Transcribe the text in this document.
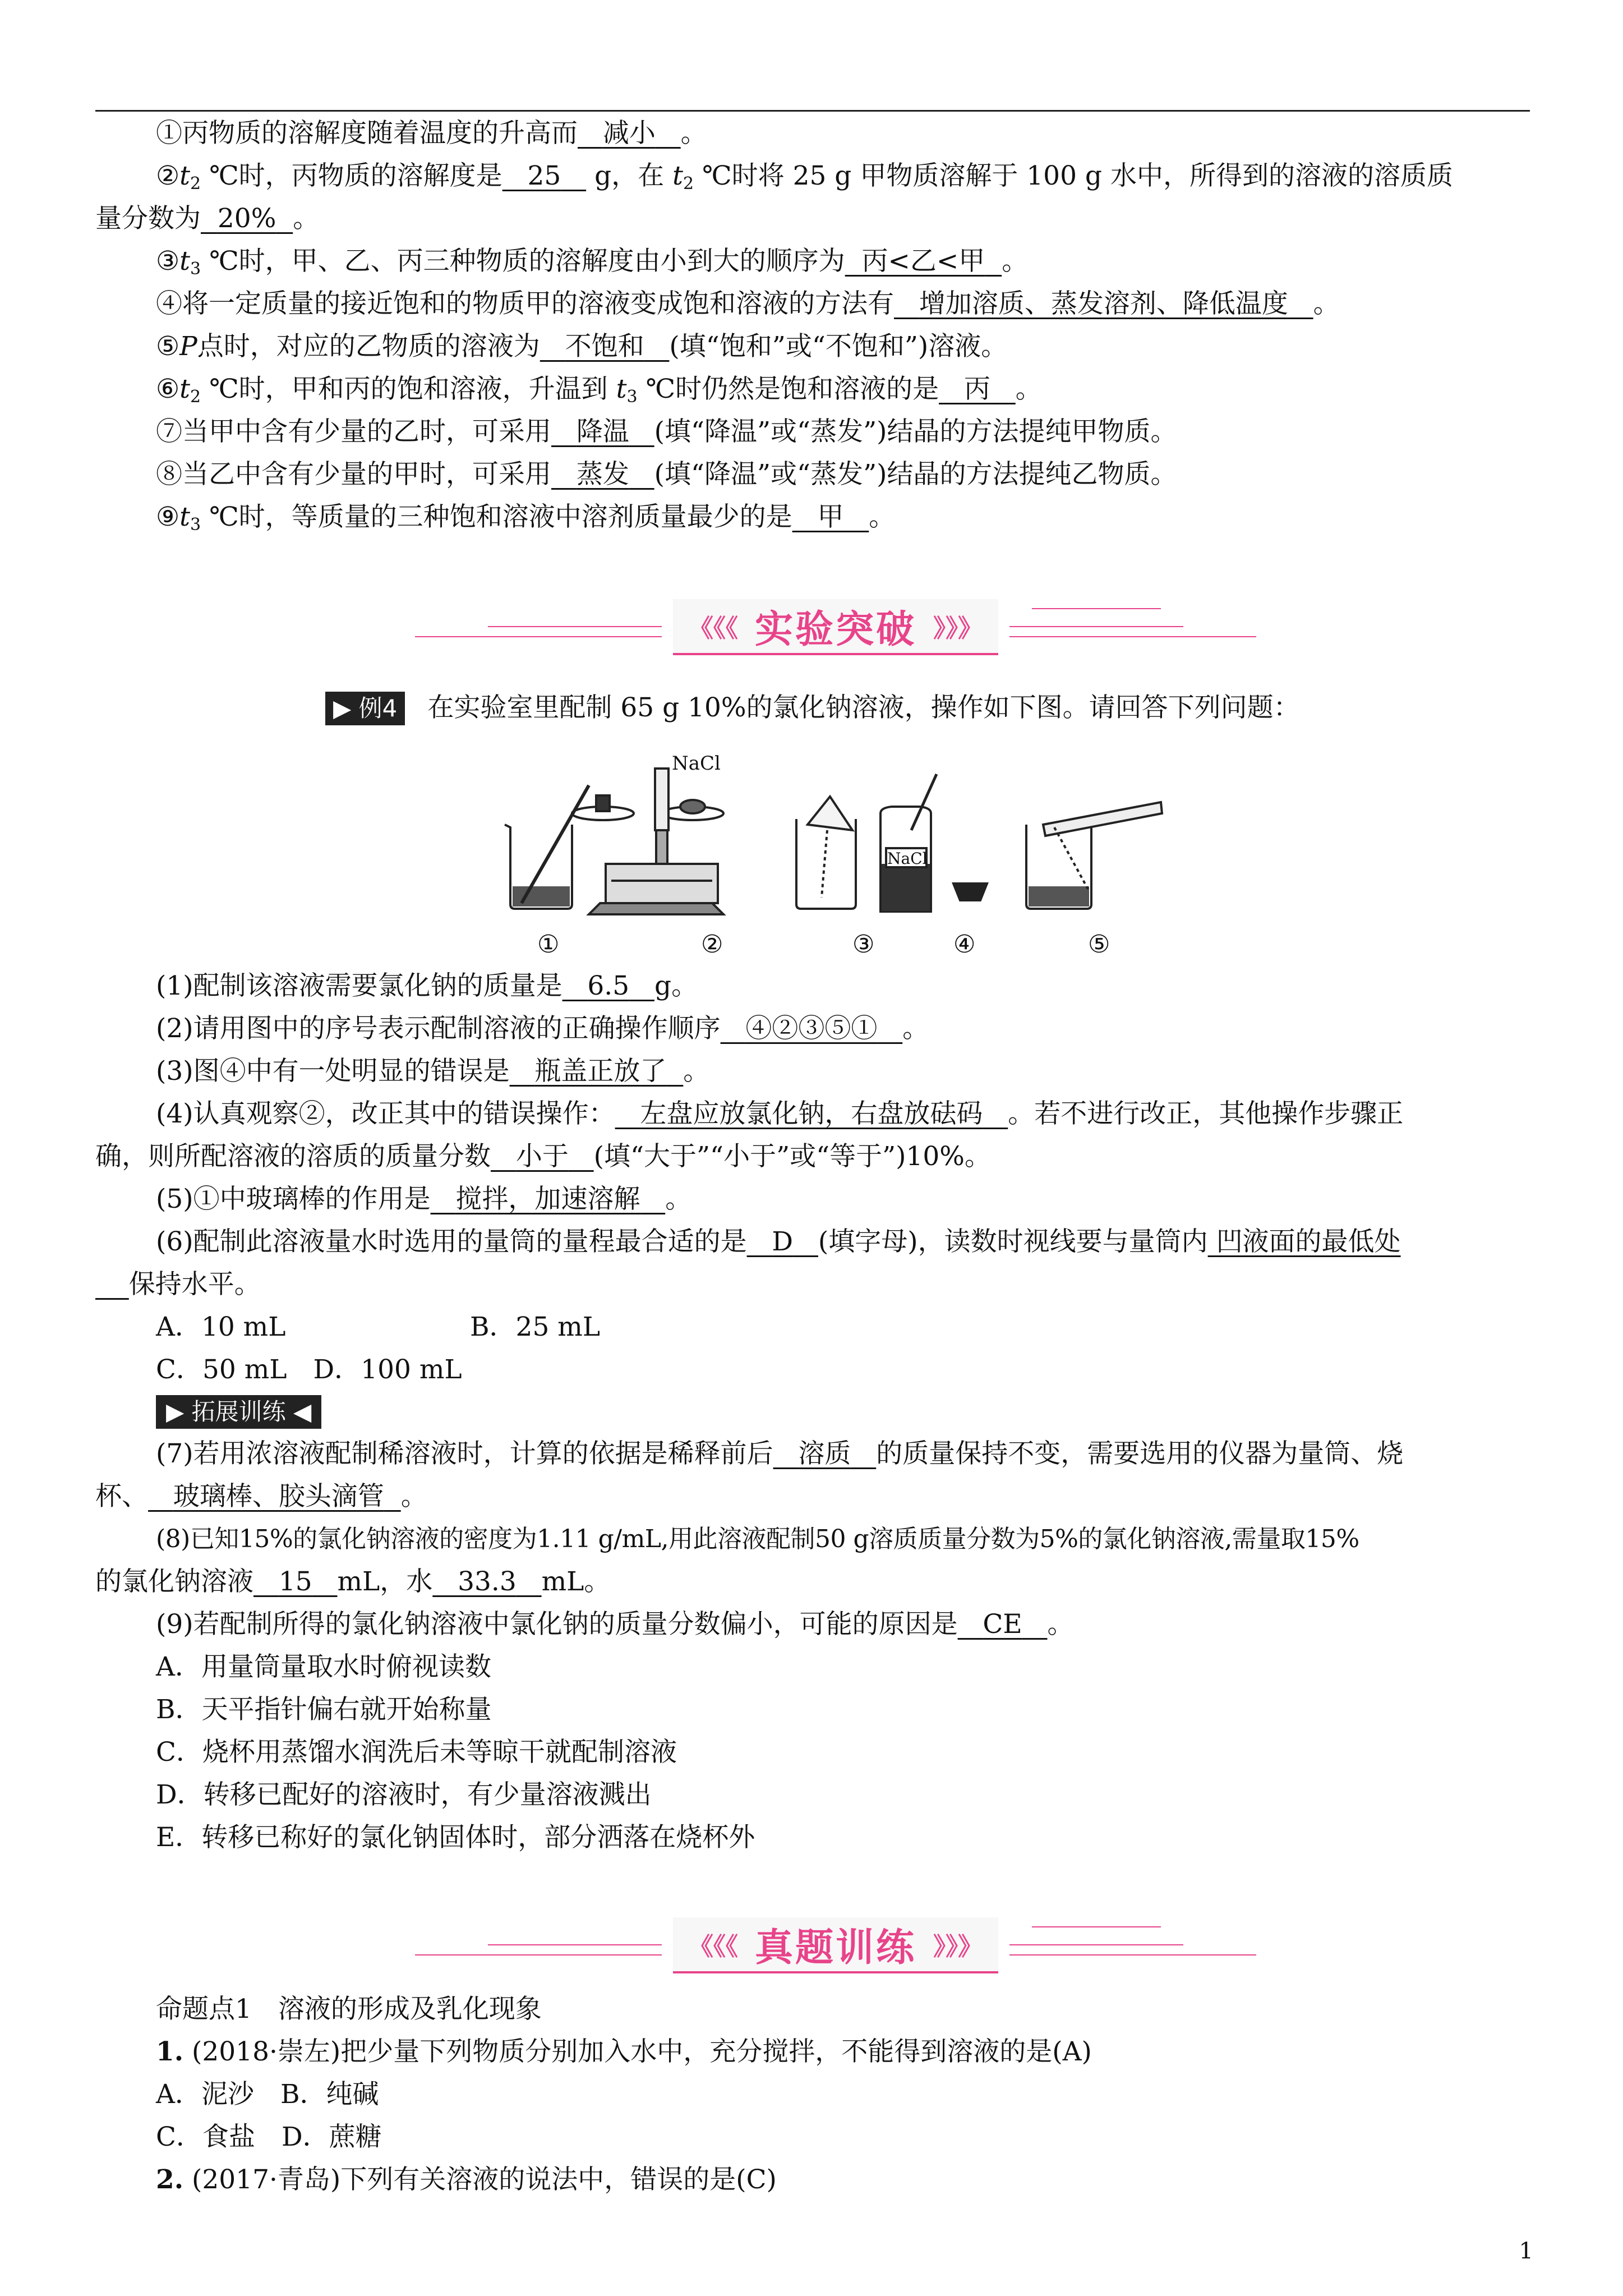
①丙物质的溶解度随着温度的升高而 减小 。
$②t_2$ ℃时，丙物质的溶解度是 25 g，在 $t_2$ ℃时将 25 g 甲物质溶解于 100 g 水中，所得到的溶液的溶质质
量分数为 20% 。
$③t_3$ ℃时，甲、乙、丙三种物质的溶解度由小到大的顺序为 丙<乙<甲 。
④将一定质量的接近饱和的物质甲的溶液变成饱和溶液的方法有 增加溶质、蒸发溶剂、降低温度 。
⑤P点时，对应的乙物质的溶液为 不饱和 (填“饱和”或“不饱和”)溶液。
$⑥t_2$ ℃时，甲和丙的饱和溶液，升温到 $t_3$ ℃时仍然是饱和溶液的是 丙 。
⑦当甲中含有少量的乙时，可采用 降温 (填“降温”或“蒸发”)结晶的方法提纯甲物质。
⑧当乙中含有少量的甲时，可采用 蒸发 (填“降温”或“蒸发”)结晶的方法提纯乙物质。
$⑨t_3$ ℃时，等质量的三种饱和溶液中溶剂质量最少的是 甲 。
《《《 实验突破 》》》
▶ 例4 在实验室里配制 65 g 10%的氯化钠溶液，操作如下图。请回答下列问题：
NaCl
NaCl
①	②	③	④	⑤
(1)配制该溶液需要氯化钠的质量是 6.5 g。
(2)请用图中的序号表示配制溶液的正确操作顺序 ④②③⑤① 。
(3)图④中有一处明显的错误是 瓶盖正放了 。
(4)认真观察②，改正其中的错误操作： 左盘应放氯化钠，右盘放砝码 。若不进行改正，其他操作步骤正
确，则所配溶液的溶质的质量分数 小于 (填“大于”“小于”或“等于”)10%。
(5)①中玻璃棒的作用是 搅拌，加速溶解 。
(6)配制此溶液量水时选用的量筒的量程最合适的是 D (填字母)，读数时视线要与量筒内 凹液面的最低处
保持水平。
A．10 mL	B．25 mL
C．50 mL　D．100 mL
▶ 拓展训练 ◀
(7)若用浓溶液配制稀溶液时，计算的依据是稀释前后 溶质 的质量保持不变，需要选用的仪器为量筒、烧
杯、 玻璃棒、胶头滴管 。
(8)已知15%的氯化钠溶液的密度为1.11 g/mL,用此溶液配制50 g溶质质量分数为5%的氯化钠溶液,需量取15%
的氯化钠溶液 15 mL，水 33.3 mL。
(9)若配制所得的氯化钠溶液中氯化钠的质量分数偏小，可能的原因是 CE 。
A．用量筒量取水时俯视读数
B．天平指针偏右就开始称量
C．烧杯用蒸馏水润洗后未等晾干就配制溶液
D．转移已配好的溶液时，有少量溶液溅出
E．转移已称好的氯化钠固体时，部分洒落在烧杯外
《《《 真题训练 》》》
命题点1　溶液的形成及乳化现象
1. (2018·崇左)把少量下列物质分别加入水中，充分搅拌，不能得到溶液的是(A)
A．泥沙　B．纯碱
C．食盐　D．蔗糖
2. (2017·青岛)下列有关溶液的说法中，错误的是(C)
1
